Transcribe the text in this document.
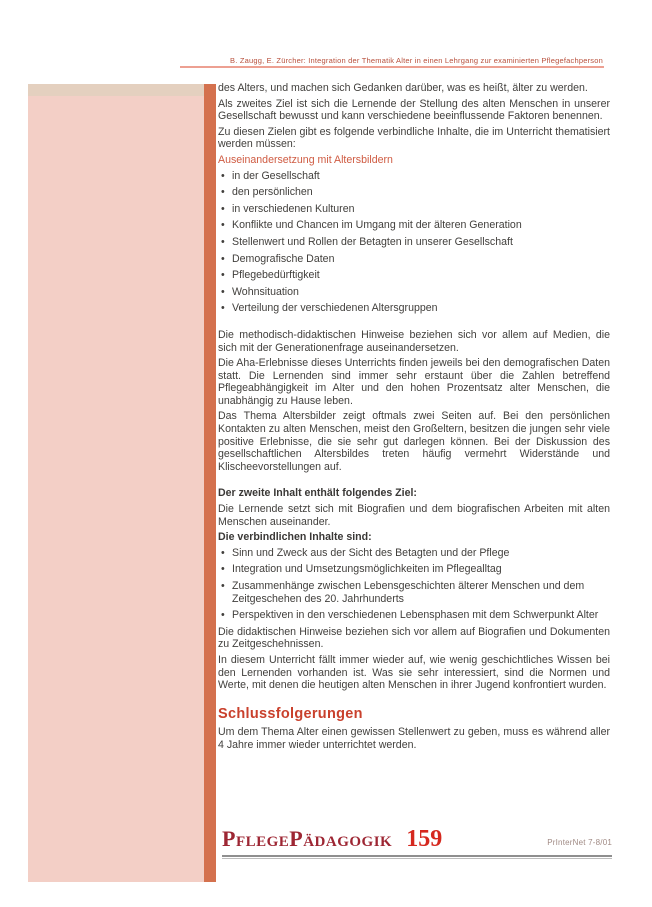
B. Zaugg, E. Zürcher: Integration der Thematik Alter in einen Lehrgang zur examinierten Pflegefachperson

des Alters, und machen sich Gedanken darüber, was es heißt, älter zu werden.

Als zweites Ziel ist sich die Lernende der Stellung des alten Menschen in unserer Gesellschaft bewusst und kann verschiedene beeinflussende Faktoren benennen.

Zu diesen Zielen gibt es folgende verbindliche Inhalte, die im Unterricht thematisiert werden müssen:

Auseinandersetzung mit Altersbildern

• in der Gesellschaft
• den persönlichen
• in verschiedenen Kulturen
• Konflikte und Chancen im Umgang mit der älteren Generation
• Stellenwert und Rollen der Betagten in unserer Gesellschaft
• Demografische Daten
• Pflegebedürftigkeit
• Wohnsituation
• Verteilung der verschiedenen Altersgruppen

Die methodisch-didaktischen Hinweise beziehen sich vor allem auf Medien, die sich mit der Generationenfrage auseinandersetzen.

Die Aha-Erlebnisse dieses Unterrichts finden jeweils bei den demografischen Daten statt. Die Lernenden sind immer sehr erstaunt über die Zahlen betreffend Pflegeabhängigkeit im Alter und den hohen Prozentsatz alter Menschen, die unabhängig zu Hause leben.

Das Thema Altersbilder zeigt oftmals zwei Seiten auf. Bei den persönlichen Kontakten zu alten Menschen, meist den Großeltern, besitzen die jungen sehr viele positive Erlebnisse, die sie sehr gut darlegen können. Bei der Diskussion des gesellschaftlichen Altersbildes treten häufig vermehrt Widerstände und Klischeevorstellungen auf.

Der zweite Inhalt enthält folgendes Ziel:

Die Lernende setzt sich mit Biografien und dem biografischen Arbeiten mit alten Menschen auseinander.

Die verbindlichen Inhalte sind:

• Sinn und Zweck aus der Sicht des Betagten und der Pflege
• Integration und Umsetzungsmöglichkeiten im Pflegealltag
• Zusammenhänge zwischen Lebensgeschichten älterer Menschen und dem Zeitgeschehen des 20. Jahrhunderts
• Perspektiven in den verschiedenen Lebensphasen mit dem Schwerpunkt Alter

Die didaktischen Hinweise beziehen sich vor allem auf Biografien und Dokumenten zu Zeitgeschehnissen.

In diesem Unterricht fällt immer wieder auf, wie wenig geschichtliches Wissen bei den Lernenden vorhanden ist. Was sie sehr interessiert, sind die Normen und Werte, mit denen die heutigen alten Menschen in ihrer Jugend konfrontiert wurden.

Schlussfolgerungen

Um dem Thema Alter einen gewissen Stellenwert zu geben, muss es während aller 4 Jahre immer wieder unterrichtet werden.

PflegePädagogik 159	PrInterNet 7-8/01
